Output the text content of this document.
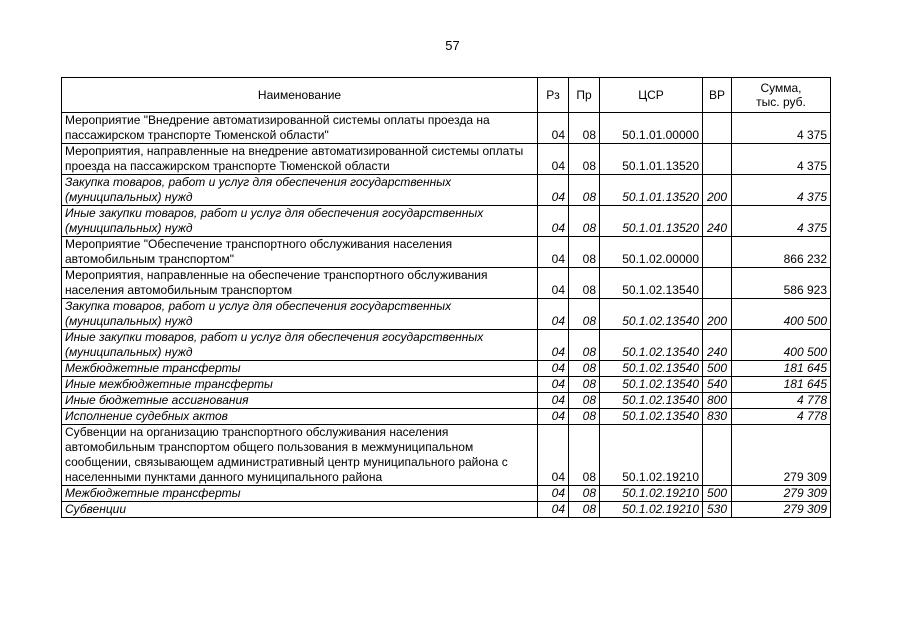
57
Наименование	Рз	Пр	ЦСР	ВР	Сумма,
тыс. руб.
Мероприятие "Внедрение автоматизированной системы оплаты проезда на пассажирском транспорте Тюменской области"	04	08	50.1.01.00000		4 375
Мероприятия, направленные на внедрение автоматизированной системы оплаты проезда на пассажирском транспорте Тюменской области	04	08	50.1.01.13520		4 375
Закупка товаров, работ и услуг для обеспечения государственных (муниципальных) нужд	04	08	50.1.01.13520	200	4 375
Иные закупки товаров, работ и услуг для обеспечения государственных (муниципальных) нужд	04	08	50.1.01.13520	240	4 375
Мероприятие "Обеспечение транспортного обслуживания населения автомобильным транспортом"	04	08	50.1.02.00000		866 232
Мероприятия, направленные на обеспечение транспортного обслуживания населения автомобильным транспортом	04	08	50.1.02.13540		586 923
Закупка товаров, работ и услуг для обеспечения государственных (муниципальных) нужд	04	08	50.1.02.13540	200	400 500
Иные закупки товаров, работ и услуг для обеспечения государственных (муниципальных) нужд	04	08	50.1.02.13540	240	400 500
Межбюджетные трансферты	04	08	50.1.02.13540	500	181 645
Иные межбюджетные трансферты	04	08	50.1.02.13540	540	181 645
Иные бюджетные ассигнования	04	08	50.1.02.13540	800	4 778
Исполнение судебных актов	04	08	50.1.02.13540	830	4 778
Субвенции на организацию транспортного обслуживания населения автомобильным транспортом общего пользования в межмуниципальном сообщении, связывающем административный центр муниципального района с населенными пунктами данного муниципального района	04	08	50.1.02.19210		279 309
Межбюджетные трансферты	04	08	50.1.02.19210	500	279 309
Субвенции	04	08	50.1.02.19210	530	279 309
